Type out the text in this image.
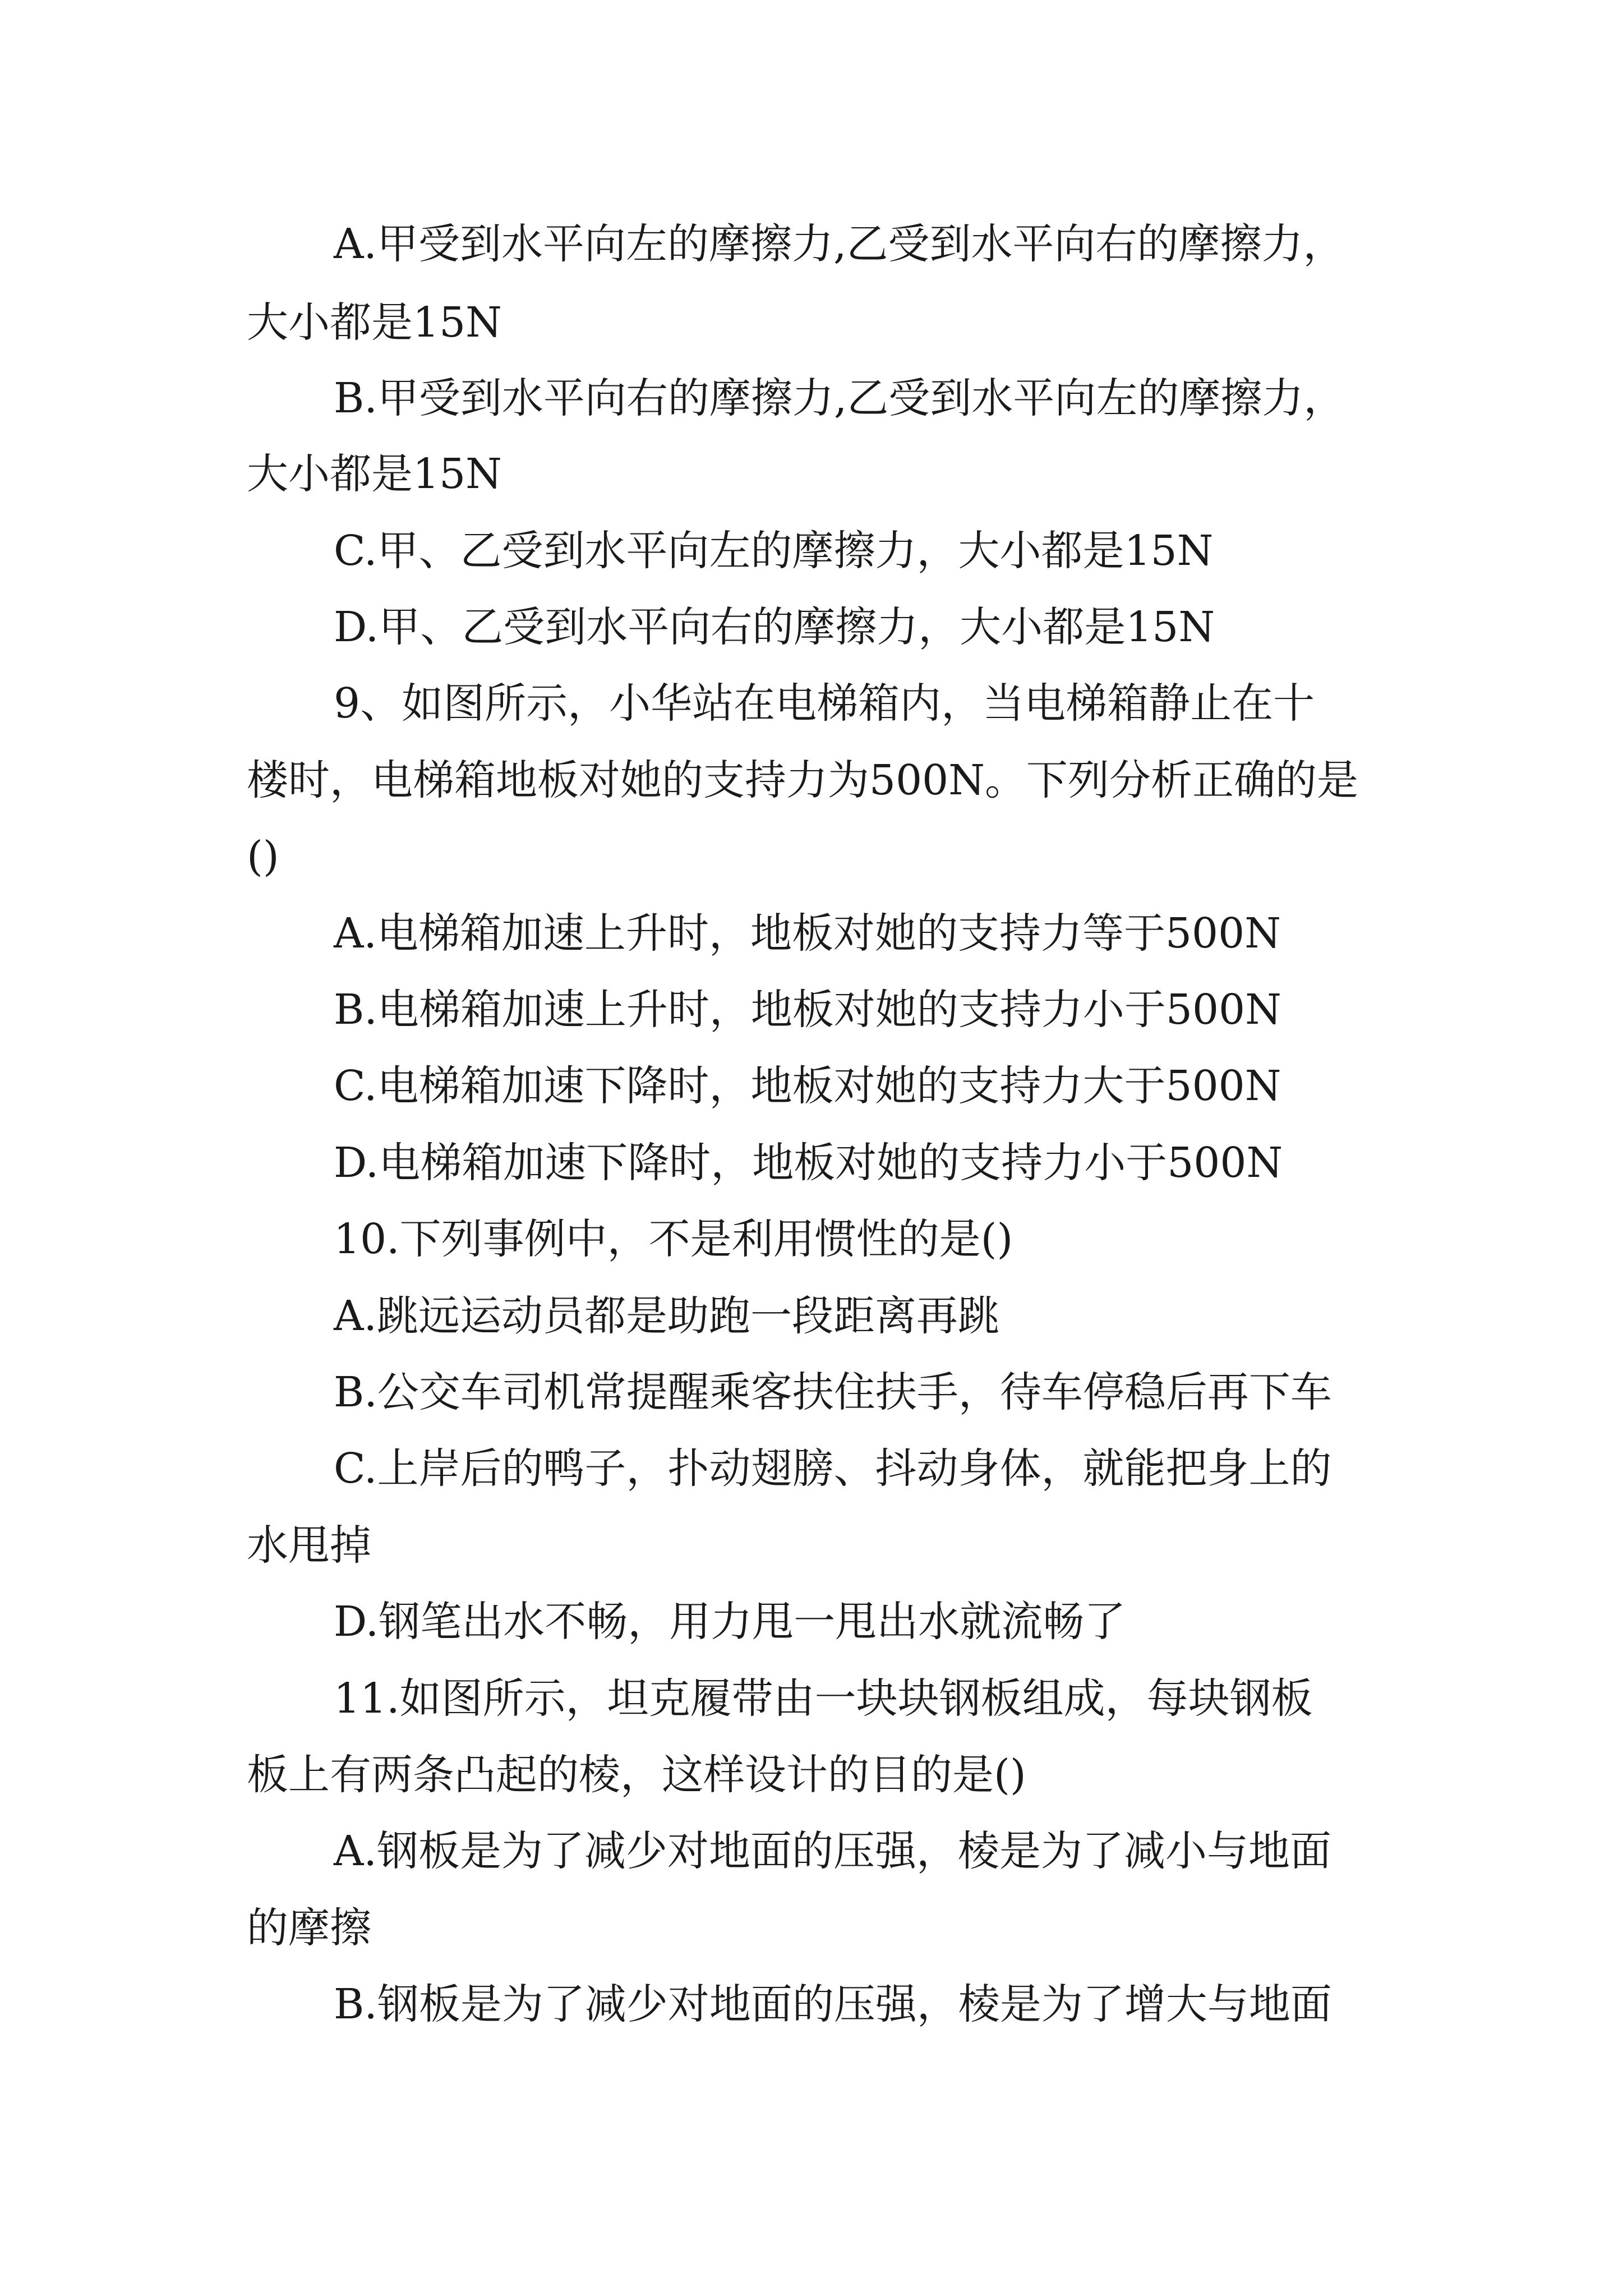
A.甲受到水平向左的摩擦力,乙受到水平向右的摩擦力，
大小都是15N
B.甲受到水平向右的摩擦力,乙受到水平向左的摩擦力，
大小都是15N
C.甲、乙受到水平向左的摩擦力，大小都是15N
D.甲、乙受到水平向右的摩擦力，大小都是15N
9、如图所示，小华站在电梯箱内，当电梯箱静止在十
楼时，电梯箱地板对她的支持力为500N。下列分析正确的是
()
A.电梯箱加速上升时，地板对她的支持力等于500N
B.电梯箱加速上升时，地板对她的支持力小于500N
C.电梯箱加速下降时，地板对她的支持力大于500N
D.电梯箱加速下降时，地板对她的支持力小于500N
10.下列事例中，不是利用惯性的是()
A.跳远运动员都是助跑一段距离再跳
B.公交车司机常提醒乘客扶住扶手，待车停稳后再下车
C.上岸后的鸭子，扑动翅膀、抖动身体，就能把身上的
水甩掉
D.钢笔出水不畅，用力甩一甩出水就流畅了
11.如图所示，坦克履带由一块块钢板组成，每块钢板
板上有两条凸起的棱，这样设计的目的是()
A.钢板是为了减少对地面的压强，棱是为了减小与地面
的摩擦
B.钢板是为了减少对地面的压强，棱是为了增大与地面
